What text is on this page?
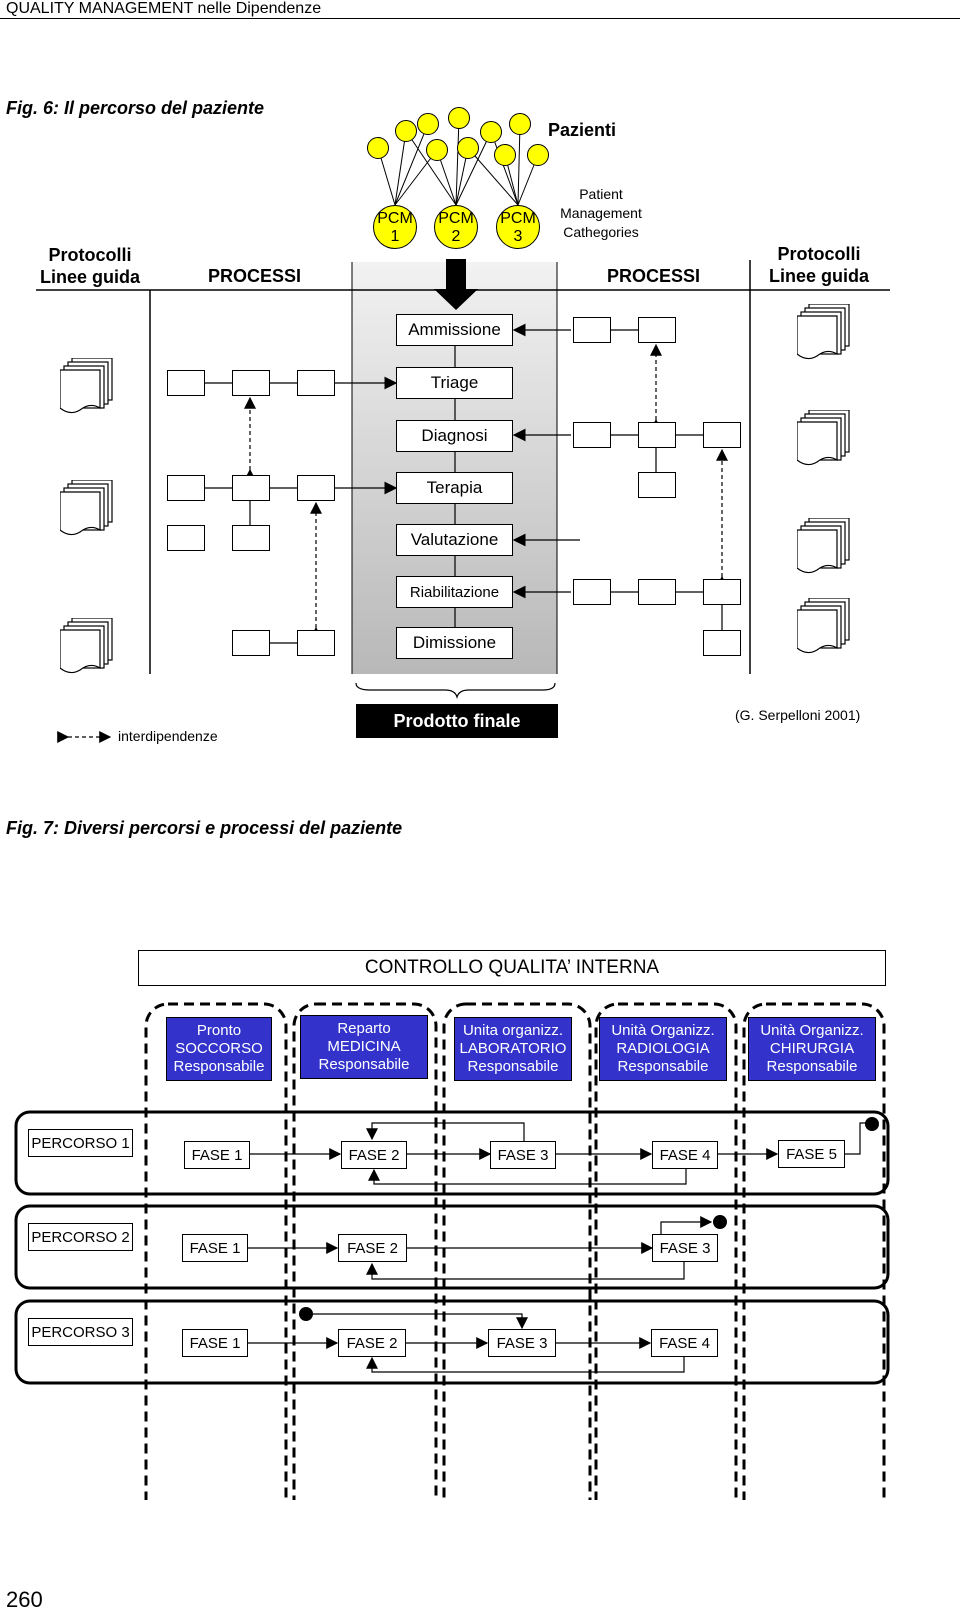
QUALITY MANAGEMENT nelle Dipendenze
Fig. 6: Il percorso del paziente
Pazienti
PCM
1
PCM
2
PCM
3
Patient
Management
Cathegories
Protocolli
Linee guida	PROCESSI	PROCESSI
Protocolli
Linee guida
Ammissione
Triage
Diagnosi
Terapia
Valutazione
Riabilitazione
Dimissione
Prodotto finale
interdipendenze
(G. Serpelloni 2001)
Fig. 7: Diversi percorsi e processi del paziente
CONTROLLO QUALITA’ INTERNA
Pronto
SOCCORSO
Responsabile
Reparto
MEDICINA
Responsabile
Unita organizz.
LABORATORIO
Responsabile
Unità Organizz.
RADIOLOGIA
Responsabile
Unità Organizz.
CHIRURGIA
Responsabile
PERCORSO 1
FASE 1	FASE 2	FASE 3	FASE 4	FASE 5
PERCORSO 2
FASE 1	FASE 2	FASE 3
PERCORSO 3
FASE 1	FASE 2	FASE 3	FASE 4
260
